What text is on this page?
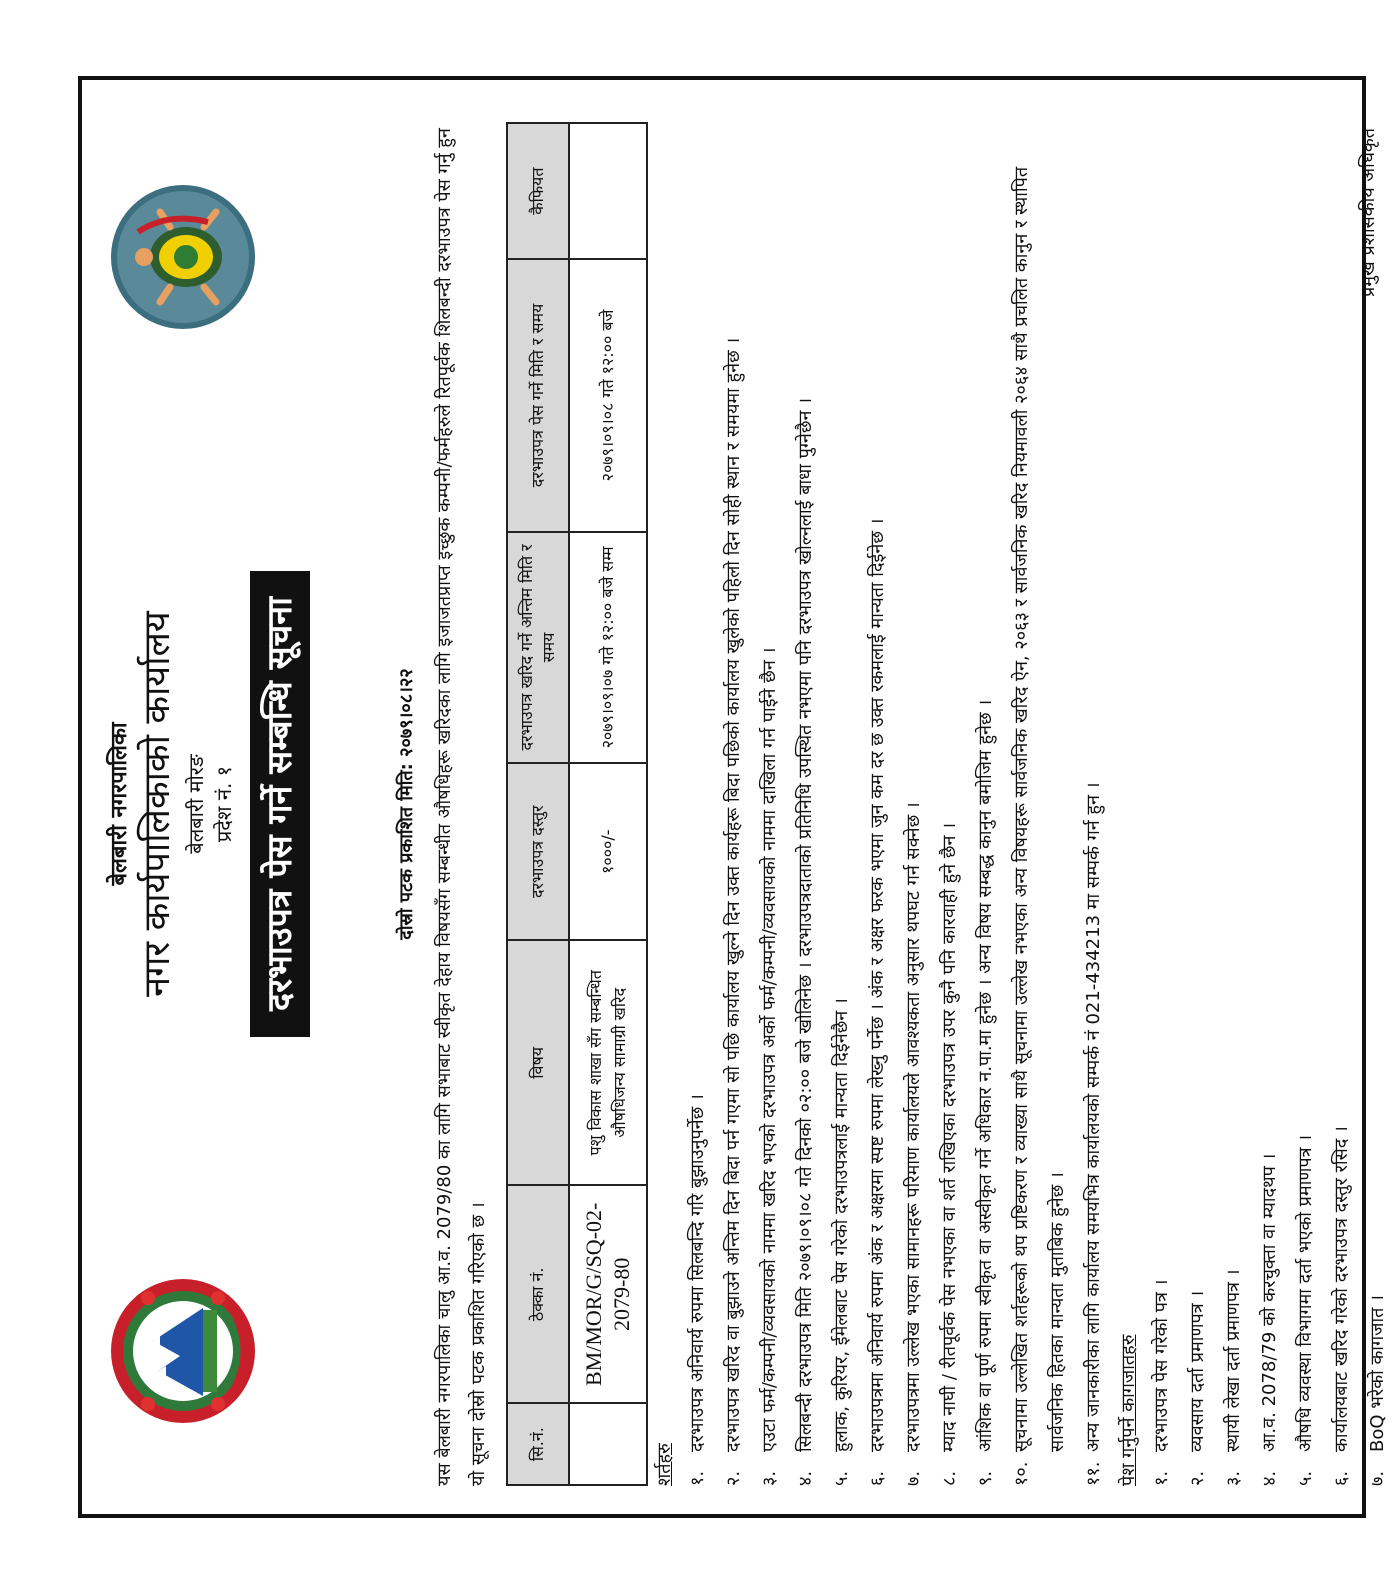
बेलबारी नगरपालिका नगर कार्यपालिकाको कार्यालय बेलबारी मोरङ प्रदेश नं. १ दरभाउपत्र पेस गर्ने सम्बन्धि सूचना	दोस्रो पटक प्रकाशित मिति: २०७९।०८।२२ यस बेलबारी नगरपालिका चालु आ.व. 2079/80 का लागि सभाबाट स्वीकृत देहाय विषयसँग सम्बन्धीत औषधिहरू खरिदका लागि इजाजतप्राप्त इच्छुक कम्पनी/फर्महरुले रितपूर्वक शिलबन्दी दरभाउपत्र पेस गर्नु हुन यो सूचना दोस्रो पटक प्रकाशित गरिएको छ ।	सि.नं.	ठेक्का नं.	विषय	दरभाउपत्र दस्तुर	दरभाउपत्र खरिद गर्ने अन्तिम मिति र समय	दरभाउपत्र पेस गर्ने मिति र समय	कैफियत
	BM/MOR/G/SQ-02-2079-80	पशु विकास शाखा सँग सम्बन्धित औषधिजन्य सामाग्री खरिद	१०००/-	२०७९।०९।०७ गते १२:०० बजे सम्म	२०७९।०९।०८ गते १२:०० बजे	
शर्तहरु १.
दरभाउपत्र अनिवार्य रुपमा सिलबन्दि गरि बुझाउनुपर्नेछ ।
२.
दरभाउपत्र खरिद वा बुझाउने अन्तिम दिन बिदा पर्न गएमा सो पछि कार्यालय खुल्ने दिन उक्त कार्यहरू बिदा पछिको कार्यालय खुलेको पहिलो दिन सोही स्थान र समयमा हुनेछ ।
३.
एउटा फर्म/कम्पनी/व्यवसायको नाममा खरिद भएको दरभाउपत्र अर्को फर्म/कम्पनी/व्यवसायको नाममा दाखिला गर्न पाईने छैन ।
४.
सिलबन्दी दरभाउपत्र मिति २०७९।०९।०८ गते दिनको ०२:०० बजे खोलिनेछ । दरभाउपत्रदाताको प्रतिनिधि उपस्थित नभएमा पनि दरभाउपत्र खोल्नलाई बाधा पुग्नेछैन ।
५.
हुलाक, कुरियर, ईमेलबाट पेस गरेको दरभाउपत्रलाई मान्यता दिईनेछैन ।
६.
दरभाउपत्रमा अनिवार्य रुपमा अंक र अक्षरमा स्पष्ट रुपमा लेख्नु पर्नेछ । अंक र अक्षर फरक भएमा जुन कम दर छ उक्त रकमलाई मान्यता दिईनेछ ।
७.
दरभाउपत्रमा उल्लेख भएका सामानहरू परिमाण कार्यालयले आवश्यकता अनुसार थपघट गर्न सक्नेछ ।
८.
म्याद नाघी / रीतपूर्वक पेस नभएका वा शर्त राखिएका दरभाउपत्र उपर कुनै पनि कारवाही हुने छैन ।
९.
आंशिक वा पूर्ण रुपमा स्वीकृत वा अस्वीकृत गर्ने अधिकार न.पा.मा हुनेछ । अन्य विषय सम्बद्ध कानुन बमोजिम हुनेछ ।
१०.
सूचनामा उल्लेखित शर्तहरूको थप प्रष्टिकरण र व्याख्या साथै सूचनामा उल्लेख नभएका अन्य विषयहरू सार्वजनिक खरिद ऐन, २०६३ र सार्वजनिक खरिद नियमावली २०६४ साथै प्रचलित कानुन र स्थापित सार्वजनिक हितका मान्यता मुताबिक हुनेछ ।
११.
अन्य जानकारीका लागि कार्यालय समयभित्र कार्यालयको सम्पर्क नं 021-434213 मा सम्पर्क गर्न हुन । पेश गर्नुपर्ने कागजातहरु १.
दरभाउपत्र पेस गरेको पत्र ।
२.
व्यवसाय दर्ता प्रमाणपत्र ।
३.
स्थायी लेखा दर्ता प्रमाणपत्र ।
४.
आ.व. 2078/79 को करचुक्ता वा म्यादथप ।
५.
औषधि व्यवस्था विभागमा दर्ता भएको प्रमाणपत्र ।
६.
कार्यालयबाट खरिद गरेको दरभाउपत्र दस्तुर रसिद ।
७.
BoQ भरेको कागजात ।
प्रमुख प्रशासकीय अधिकृत
